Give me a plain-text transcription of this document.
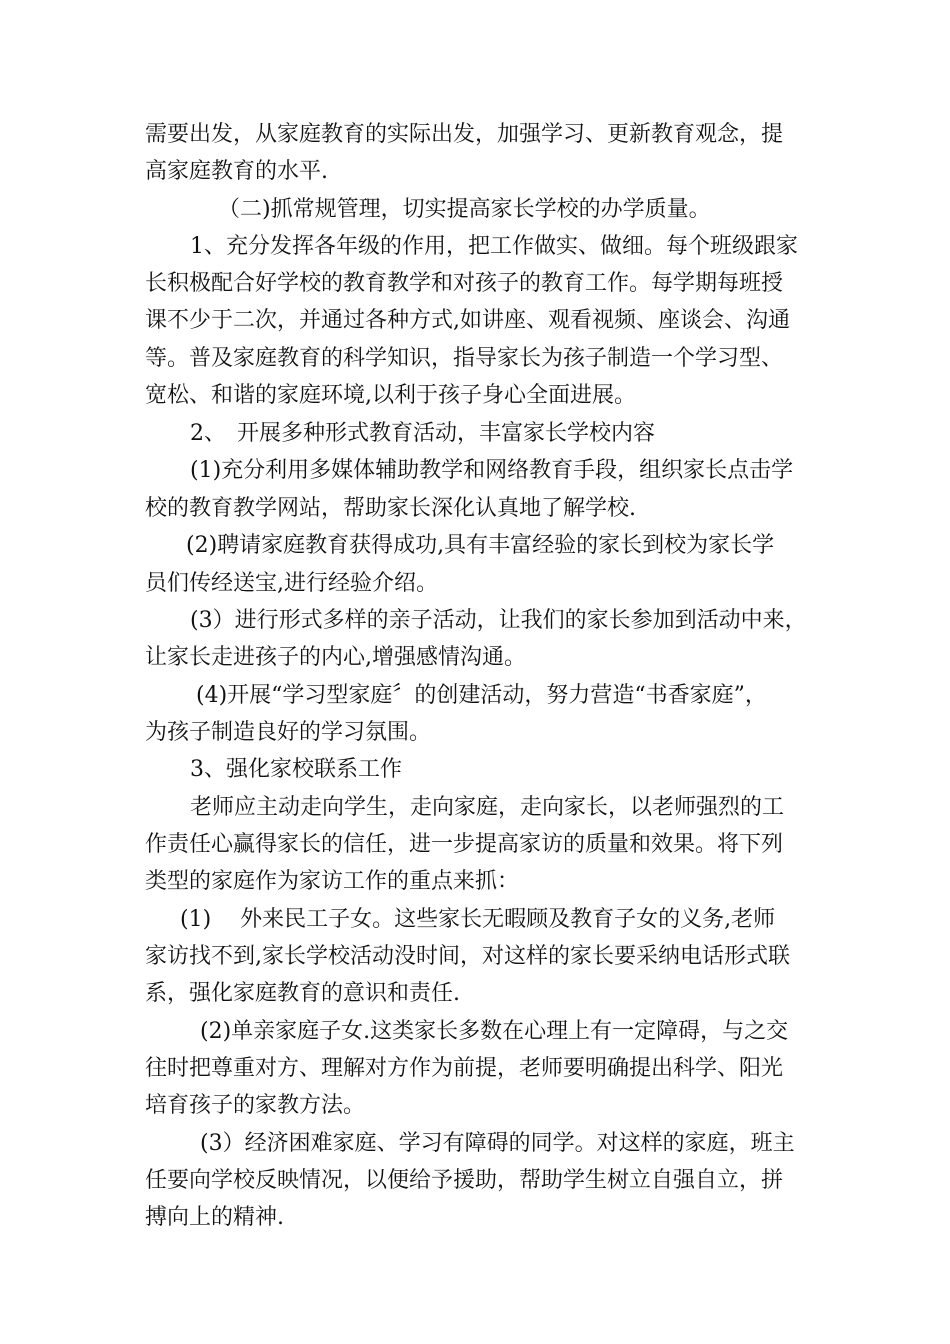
需要出发，从家庭教育的实际出发，加强学习、更新教育观念，提
高家庭教育的水平.
（二)抓常规管理，切实提高家长学校的办学质量。
1、充分发挥各年级的作用，把工作做实、做细。每个班级跟家
长积极配合好学校的教育教学和对孩子的教育工作。每学期每班授
课不少于二次，并通过各种方式,如讲座、观看视频、座谈会、沟通
等。普及家庭教育的科学知识，指导家长为孩子制造一个学习型、
宽松、和谐的家庭环境,以利于孩子身心全面进展。
2、　开展多种形式教育活动，丰富家长学校内容
(1)充分利用多媒体辅助教学和网络教育手段，组织家长点击学
校的教育教学网站，帮助家长深化认真地了解学校.
(2)聘请家庭教育获得成功,具有丰富经验的家长到校为家长学
员们传经送宝,进行经验介绍。
(3）进行形式多样的亲子活动，让我们的家长参加到活动中来，
让家长走进孩子的内心,增强感情沟通。
(4)开展“学习型家庭〞的创建活动，努力营造“书香家庭”，
为孩子制造良好的学习氛围。
3、强化家校联系工作
老师应主动走向学生，走向家庭，走向家长，以老师强烈的工
作责任心赢得家长的信任，进一步提高家访的质量和效果。将下列
类型的家庭作为家访工作的重点来抓：
(1)　 外来民工子女。这些家长无暇顾及教育子女的义务,老师
家访找不到,家长学校活动没时间，对这样的家长要采纳电话形式联
系，强化家庭教育的意识和责任.
(2)单亲家庭子女.这类家长多数在心理上有一定障碍，与之交
往时把尊重对方、理解对方作为前提，老师要明确提出科学、阳光
培育孩子的家教方法。
(3）经济困难家庭、学习有障碍的同学。对这样的家庭，班主
任要向学校反映情况，以便给予援助，帮助学生树立自强自立，拼
搏向上的精神.
